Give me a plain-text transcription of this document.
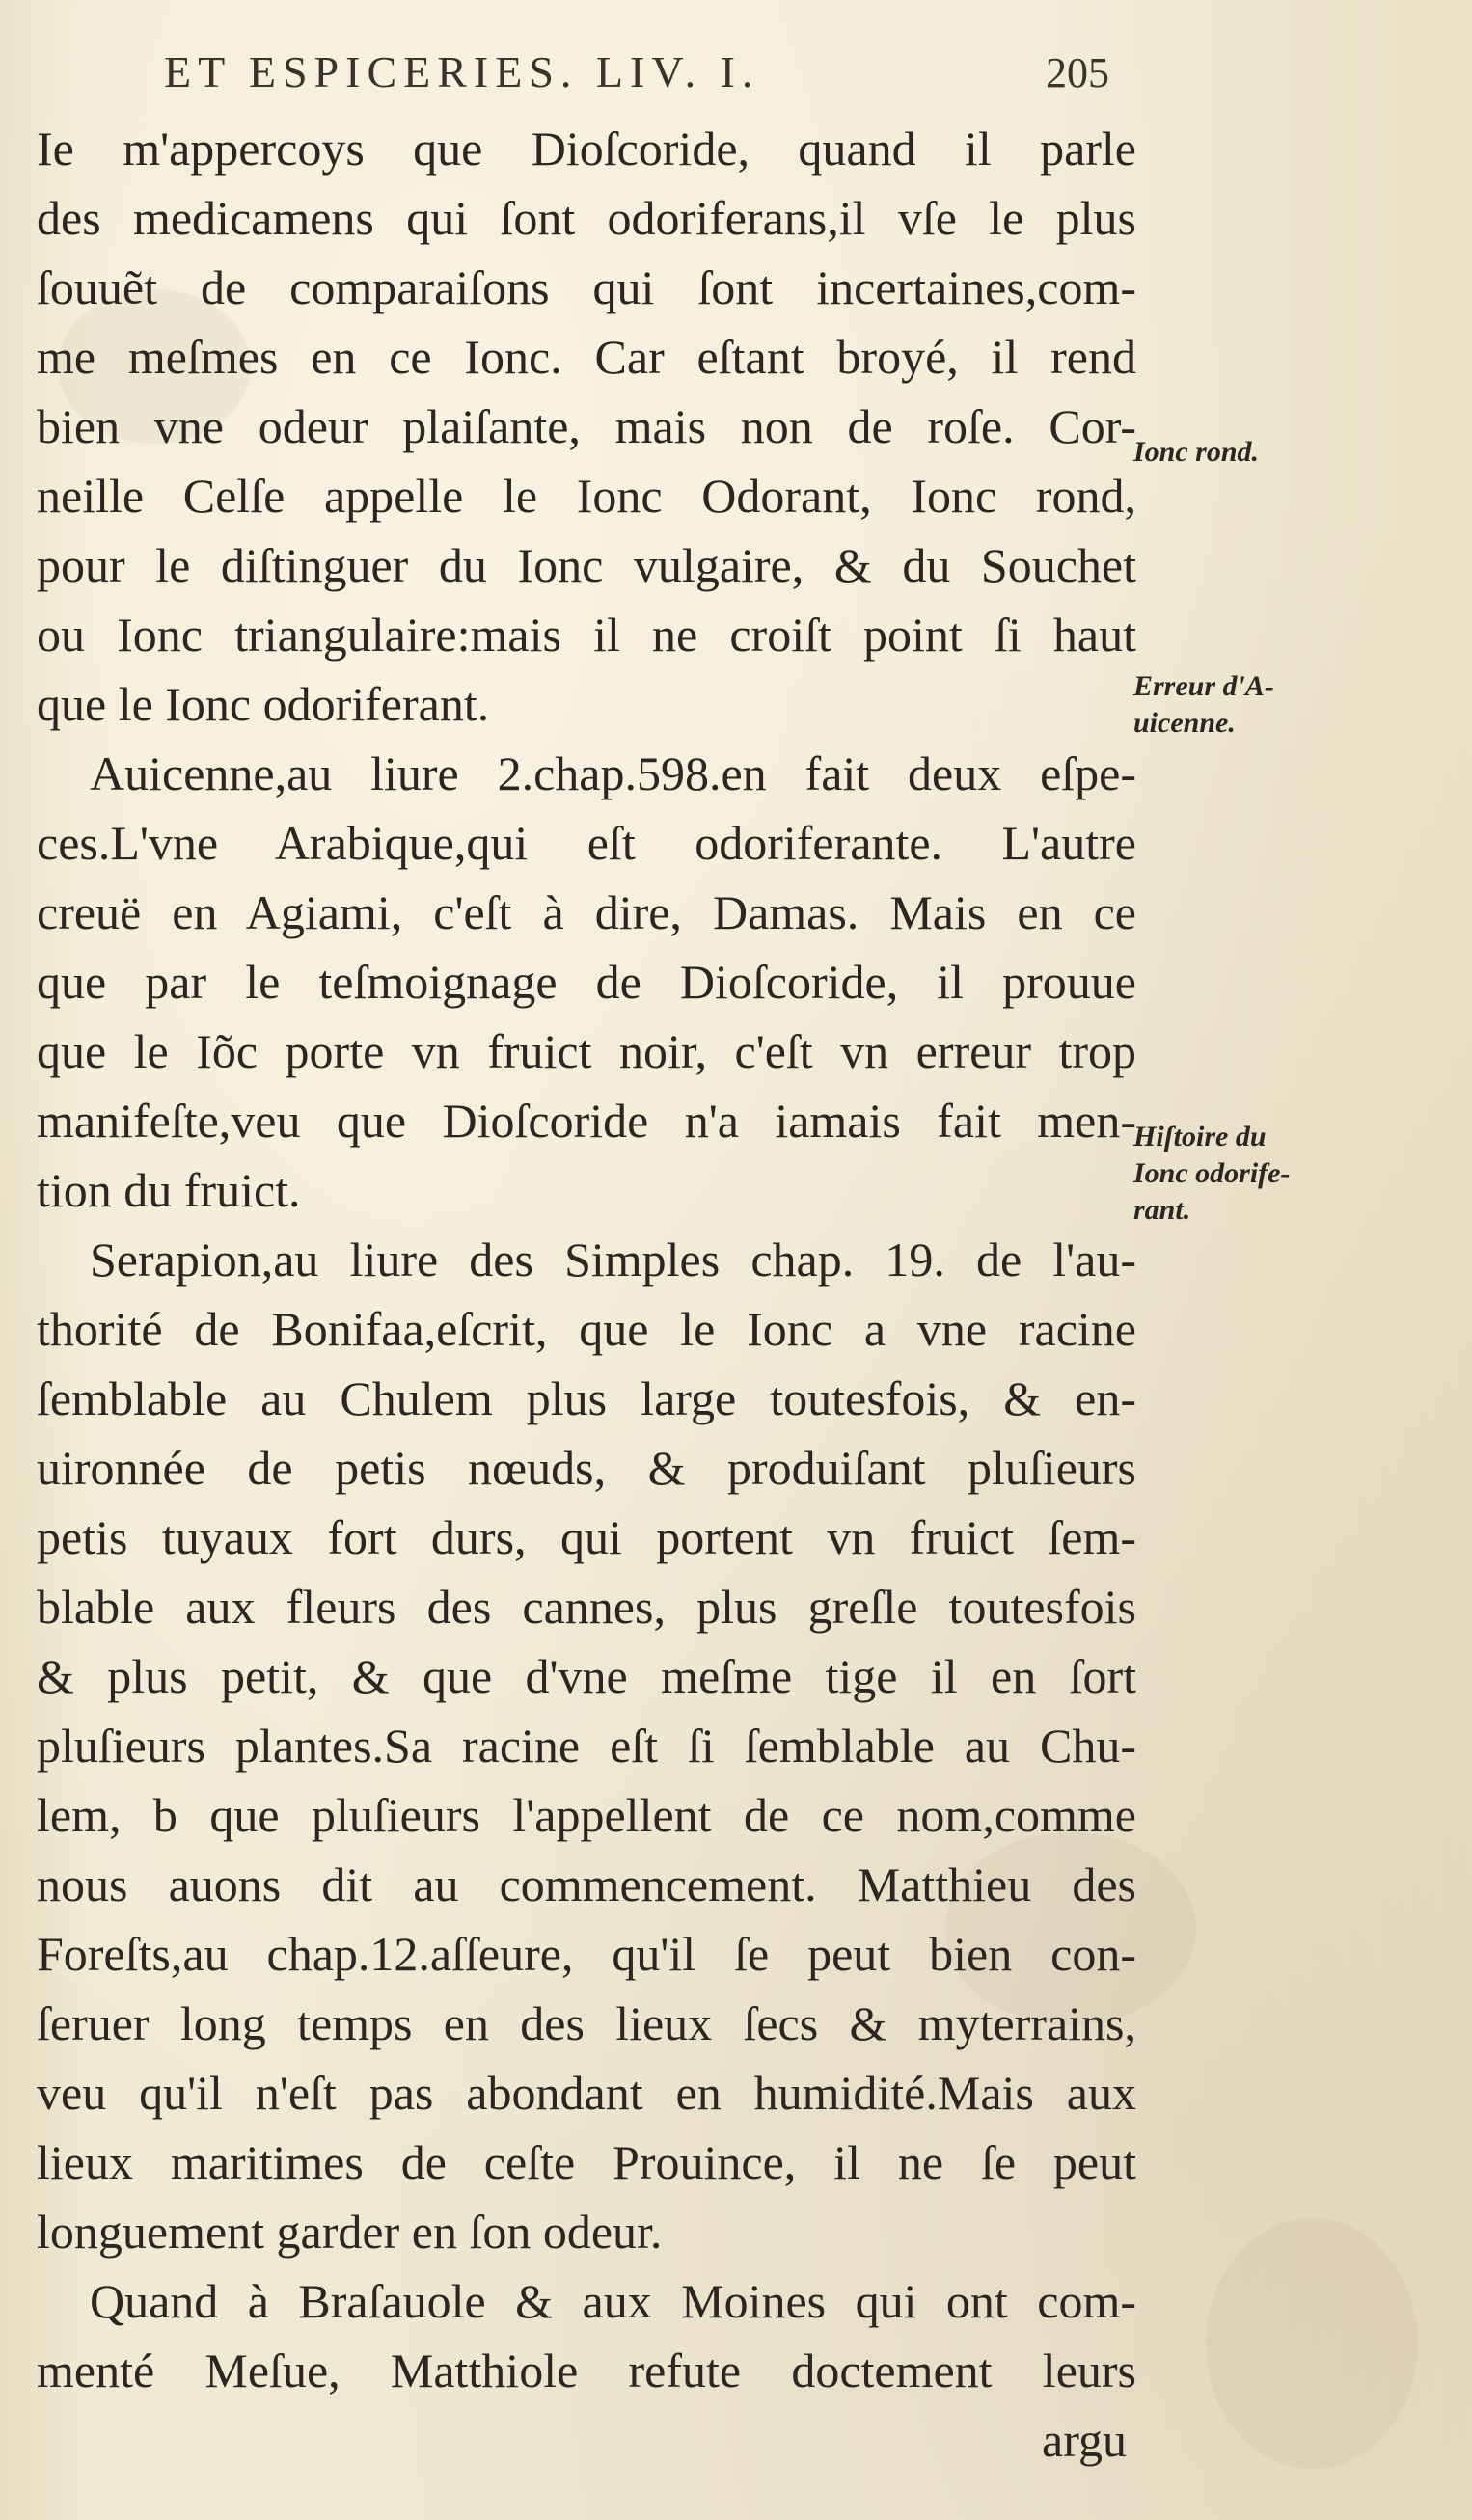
ET ESPICERIES. LIV. I.	205
Ie m'appercoys que Dioſcoride, quand il parle
des medicamens qui ſont odoriferans,il vſe le plus
ſouuẽt de comparaiſons qui ſont incertaines,com-
me meſmes en ce Ionc. Car eſtant broyé, il rend
bien vne odeur plaiſante, mais non de roſe. Cor-
neille Celſe appelle le Ionc Odorant, Ionc rond,
pour le diſtinguer du Ionc vulgaire, & du Souchet
ou Ionc triangulaire:mais il ne croiſt point ſi haut
que le Ionc odoriferant.
Auicenne,au liure 2.chap.598.en fait deux eſpe-
ces.L'vne Arabique,qui eſt odoriferante. L'autre
creuë en Agiami, c'eſt à dire, Damas. Mais en ce
que par le teſmoignage de Dioſcoride, il prouue
que le Iõc porte vn fruict noir, c'eſt vn erreur trop
manifeſte,veu que Dioſcoride n'a iamais fait men-
tion du fruict.
Serapion,au liure des Simples chap. 19. de l'au-
thorité de Bonifaa,eſcrit, que le Ionc a vne racine
ſemblable au Chulem plus large toutesfois, & en-
uironnée de petis nœuds, & produiſant pluſieurs
petis tuyaux fort durs, qui portent vn fruict ſem-
blable aux fleurs des cannes, plus greſle toutesfois
& plus petit, & que d'vne meſme tige il en ſort
pluſieurs plantes.Sa racine eſt ſi ſemblable au Chu-
lem, b que pluſieurs l'appellent de ce nom,comme
nous auons dit au commencement. Matthieu des
Foreſts,au chap.12.aſſeure, qu'il ſe peut bien con-
ſeruer long temps en des lieux ſecs & myterrains,
veu qu'il n'eſt pas abondant en humidité.Mais aux
lieux maritimes de ceſte Prouince, il ne ſe peut
longuement garder en ſon odeur.
Quand à Braſauole & aux Moines qui ont com-
menté Meſue, Matthiole refute doctement leurs
argu
Ionc rond.
Erreur d'A-
uicenne.
Hiſtoire du
Ionc odorife-
rant.
